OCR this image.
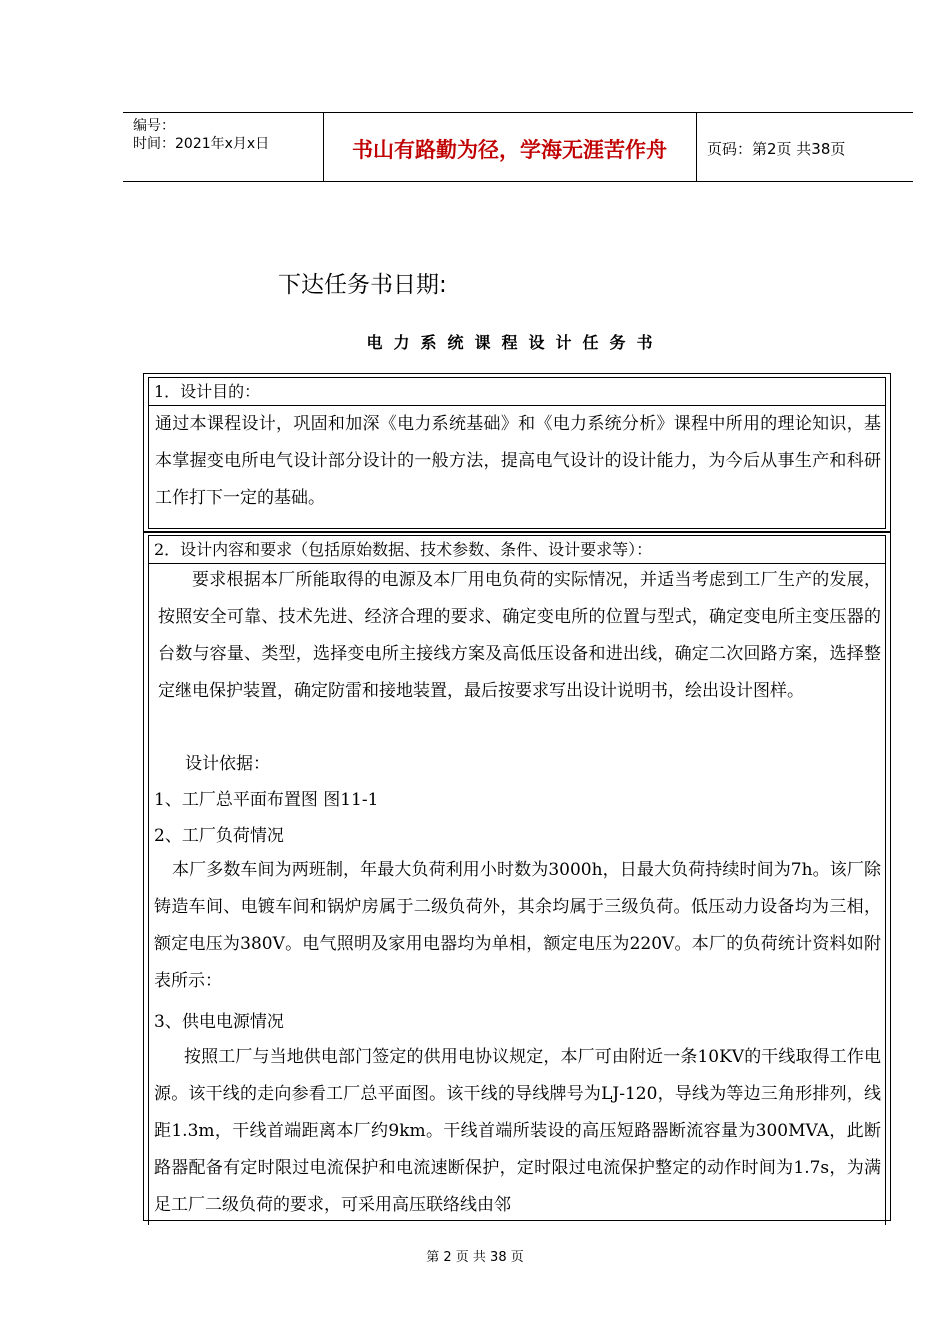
编号：
时间：2021年x月x日	书山有路勤为径，学海无涯苦作舟	页码：第2页 共38页
下达任务书日期:
电力系统课程设计任务书
1．设计目的：
通过本课程设计，巩固和加深《电力系统基础》和《电力系统分析》课程中所用的理论知识，基本掌握变电所电气设计部分设计的一般方法，提高电气设计的设计能力，为今后从事生产和科研工作打下一定的基础。
2．设计内容和要求（包括原始数据、技术参数、条件、设计要求等）：
要求根据本厂所能取得的电源及本厂用电负荷的实际情况，并适当考虑到工厂生产的发展，按照安全可靠、技术先进、经济合理的要求、确定变电所的位置与型式，确定变电所主变压器的台数与容量、类型，选择变电所主接线方案及高低压设备和进出线，确定二次回路方案，选择整定继电保护装置，确定防雷和接地装置，最后按要求写出设计说明书，绘出设计图样。
设计依据：
1、工厂总平面布置图 图11-1
2、工厂负荷情况
本厂多数车间为两班制，年最大负荷利用小时数为3000h，日最大负荷持续时间为7h。该厂除铸造车间、电镀车间和锅炉房属于二级负荷外，其余均属于三级负荷。低压动力设备均为三相，额定电压为380V。电气照明及家用电器均为单相，额定电压为220V。本厂的负荷统计资料如附表所示：
3、供电电源情况
按照工厂与当地供电部门签定的供用电协议规定，本厂可由附近一条10KV的干线取得工作电源。该干线的走向参看工厂总平面图。该干线的导线牌号为LJ-120，导线为等边三角形排列，线距1.3m，干线首端距离本厂约9km。干线首端所装设的高压短路器断流容量为300MVA，此断路器配备有定时限过电流保护和电流速断保护，定时限过电流保护整定的动作时间为1.7s，为满足工厂二级负荷的要求，可采用高压联络线由邻
第 2 页 共 38 页
